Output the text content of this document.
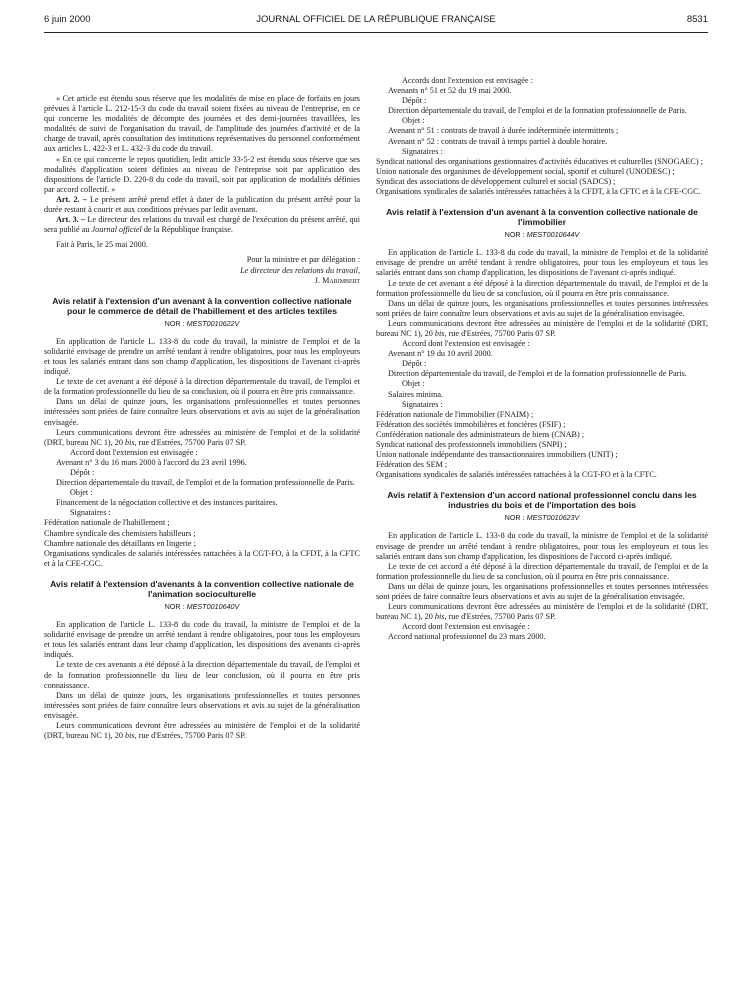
6 juin 2000	JOURNAL OFFICIEL DE LA RÉPUBLIQUE FRANÇAISE	8531

« Cet article est étendu sous réserve que les modalités de mise en place de forfaits en jours prévues à l'article L. 212-15-3 du code du travail soient fixées au niveau de l'entreprise, en ce qui concerne les modalités de décompte des journées et des demi-journées travaillées, les modalités de suivi de l'organisation du travail, de l'amplitude des journées d'activité et de la charge de travail, après consultation des institutions représentatives du personnel conformément aux articles L. 422-3 et L. 432-3 du code du travail.

« En ce qui concerne le repos quotidien, ledit article 33-5-2 est étendu sous réserve que ses modalités d'application soient définies au niveau de l'entreprise soit par application des dispositions de l'article D. 220-8 du code du travail, soit par application de modalités définies par accord collectif. »

Art. 2. – Le présent arrêté prend effet à dater de la publication du présent arrêté pour la durée restant à courir et aux conditions prévues par ledit avenant.

Art. 3. – Le directeur des relations du travail est chargé de l'exécution du présent arrêté, qui sera publié au Journal officiel de la République française.

Fait à Paris, le 25 mai 2000.

Pour la ministre et par délégation :

Le directeur des relations du travail,

J. Marimbert

Avis relatif à l'extension d'un avenant à la convention collective nationale pour le commerce de détail de l'habillement et des articles textiles
NOR : MESТ0010622V

En application de l'article L. 133-8 du code du travail, la ministre de l'emploi et de la solidarité envisage de prendre un arrêté tendant à rendre obligatoires, pour tous les employeurs et tous les salariés entrant dans son champ d'application, les dispositions de l'avenant ci-après indiqué.

Le texte de cet avenant a été déposé à la direction départementale du travail, de l'emploi et de la formation professionnelle du lieu de sa conclusion, où il pourra en être pris connaissance.

Dans un délai de quinze jours, les organisations professionnelles et toutes personnes intéressées sont priées de faire connaître leurs observations et avis au sujet de la généralisation envisagée.

Leurs communications devront être adressées au ministère de l'emploi et de la solidarité (DRT, bureau NC 1), 20 bis, rue d'Estrées, 75700 Paris 07 SP.

Accord dont l'extension est envisagée :

Avenant n° 3 du 16 mars 2000 à l'accord du 23 avril 1996.

Dépôt :

Direction départementale du travail, de l'emploi et de la formation professionnelle de Paris.

Objet :

Financement de la négociation collective et des instances paritaires.

Signataires :

Fédération nationale de l'habillement ;

Chambre syndicale des chemisiers habilleurs ;

Chambre nationale des détaillants en lingerie ;

Organisations syndicales de salariés intéressées rattachées à la CGT-FO, à la CFDT, à la CFTC et à la CFE-CGC.

Avis relatif à l'extension d'avenants à la convention collective nationale de l'animation socioculturelle
NOR : MEST0010640V

En application de l'article L. 133-8 du code du travail, la ministre de l'emploi et de la solidarité envisage de prendre un arrêté tendant à rendre obligatoires, pour tous les employeurs et tous les salariés entrant dans leur champ d'application, les dispositions des avenants ci-après indiqués.

Le texte de ces avenants a été déposé à la direction départementale du travail, de l'emploi et de la formation professionnelle du lieu de leur conclusion, où il pourra en être pris connaissance.

Dans un délai de quinze jours, les organisations professionnelles et toutes personnes intéressées sont priées de faire connaître leurs observations et avis au sujet de la généralisation envisagée.

Leurs communications devront être adressées au ministère de l'emploi et de la solidarité (DRT, bureau NC 1), 20 bis, rue d'Estrées, 75700 Paris 07 SP.

Accords dont l'extension est envisagée :

Avenants n° 51 et 52 du 19 mai 2000.

Dépôt :

Direction départementale du travail, de l'emploi et de la formation professionnelle de Paris.

Objet :

Avenant n° 51 : contrats de travail à durée indéterminée intermittents ;

Avenant n° 52 : contrats de travail à temps partiel à double horaire.

Signataires :

Syndicat national des organisations gestionnaires d'activités éducatives et culturelles (SNOGAEC) ;

Union nationale des organismes de développement social, sportif et culturel (UNODESC) ;

Syndicat des associations de développement culturel et social (SADCS) ;

Organisations syndicales de salariés intéressées rattachées à la CFDT, à la CFTC et à la CFE-CGC.

Avis relatif à l'extension d'un avenant à la convention collective nationale de l'immobilier
NOR : MEST0010644V

En application de l'article L. 133-8 du code du travail, la ministre de l'emploi et de la solidarité envisage de prendre un arrêté tendant à rendre obligatoires, pour tous les employeurs et tous les salariés entrant dans son champ d'application, les dispositions de l'avenant ci-après indiqué.

Le texte de cet avenant a été déposé à la direction départementale du travail, de l'emploi et de la formation professionnelle du lieu de sa conclusion, où il pourra en être pris connaissance.

Dans un délai de quinze jours, les organisations professionnelles et toutes personnes intéressées sont priées de faire connaître leurs observations et avis au sujet de la généralisation envisagée.

Leurs communications devront être adressées au ministère de l'emploi et de la solidarité (DRT, bureau NC 1), 20 bis, rue d'Estrées, 75700 Paris 07 SP.

Accord dont l'extension est envisagée :

Avenant n° 19 du 10 avril 2000.

Dépôt :

Direction départementale du travail, de l'emploi et de la formation professionnelle de Paris.

Objet :

Salaires minima.

Signataires :

Fédération nationale de l'immobilier (FNAIM) ;

Fédération des sociétés immobilières et foncières (FSIF) ;

Confédération nationale des administrateurs de biens (CNAB) ;

Syndicat national des professionnels immobiliers (SNPI) ;

Union nationale indépendante des transactionnaires immobiliers (UNIT) ;

Fédération des SEM ;

Organisations syndicales de salariés intéressées rattachées à la CGT-FO et à la CFTC.

Avis relatif à l'extension d'un accord national professionnel conclu dans les industries du bois et de l'importation des bois
NOR : MEST0010623V

En application de l'article L. 133-8 du code du travail, la ministre de l'emploi et de la solidarité envisage de prendre un arrêté tendant à rendre obligatoires, pour tous les employeurs et tous les salariés entrant dans son champ d'application, les dispositions de l'accord ci-après indiqué.

Le texte de cet accord a été déposé à la direction départementale du travail, de l'emploi et de la formation professionnelle du lieu de sa conclusion, où il pourra en être pris connaissance.

Dans un délai de quinze jours, les organisations professionnelles et toutes personnes intéressées sont priées de faire connaître leurs observations et avis au sujet de la généralisation envisagée.

Leurs communications devront être adressées au ministère de l'emploi et de la solidarité (DRT, bureau NC 1), 20 bis, rue d'Estrées, 75700 Paris 07 SP.

Accord dont l'extension est envisagée :

Accord national professionnel du 23 mars 2000.
